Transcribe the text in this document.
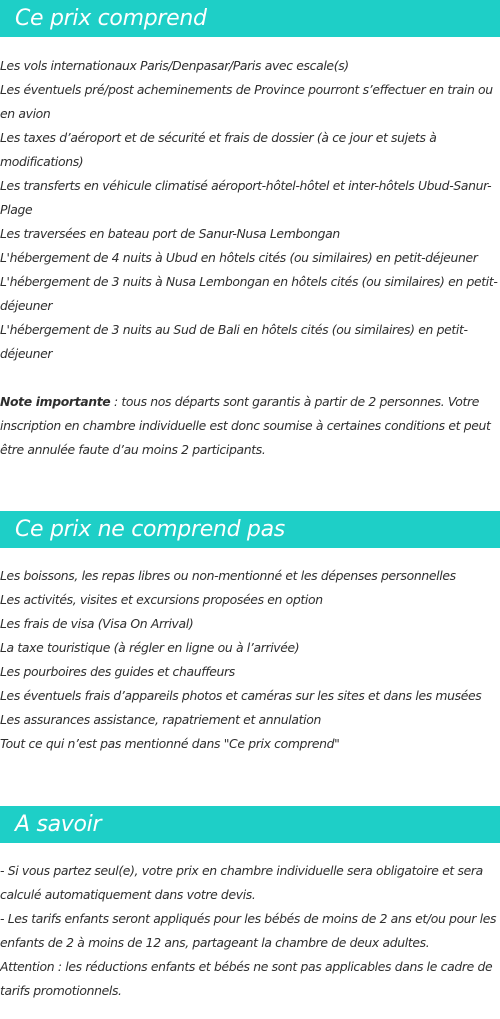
Ce prix comprend

Les vols internationaux Paris/Denpasar/Paris avec escale(s)

Les éventuels pré/post acheminements de Province pourront s’effectuer en train ou en avion

Les taxes d’aéroport et de sécurité et frais de dossier (à ce jour et sujets à modifications)

Les transferts en véhicule climatisé aéroport-hôtel-hôtel et inter-hôtels Ubud-Sanur-Plage

Les traversées en bateau port de Sanur-Nusa Lembongan

L'hébergement de 4 nuits à Ubud en hôtels cités (ou similaires) en petit-déjeuner

L'hébergement de 3 nuits à Nusa Lembongan en hôtels cités (ou similaires) en petit-déjeuner

L'hébergement de 3 nuits au Sud de Bali en hôtels cités (ou similaires) en petit-déjeuner

Note importante : tous nos départs sont garantis à partir de 2 personnes. Votre inscription en chambre individuelle est donc soumise à certaines conditions et peut être annulée faute d’au moins 2 participants.

Ce prix ne comprend pas

Les boissons, les repas libres ou non-mentionné et les dépenses personnelles

Les activités, visites et excursions proposées en option

Les frais de visa (Visa On Arrival)

La taxe touristique (à régler en ligne ou à l’arrivée)

Les pourboires des guides et chauffeurs

Les éventuels frais d’appareils photos et caméras sur les sites et dans les musées

Les assurances assistance, rapatriement et annulation

Tout ce qui n’est pas mentionné dans "Ce prix comprend"

A savoir

- Si vous partez seul(e), votre prix en chambre individuelle sera obligatoire et sera calculé automatiquement dans votre devis.

- Les tarifs enfants seront appliqués pour les bébés de moins de 2 ans et/ou pour les enfants de 2 à moins de 12 ans, partageant la chambre de deux adultes.

Attention : les réductions enfants et bébés ne sont pas applicables dans le cadre de tarifs promotionnels.
